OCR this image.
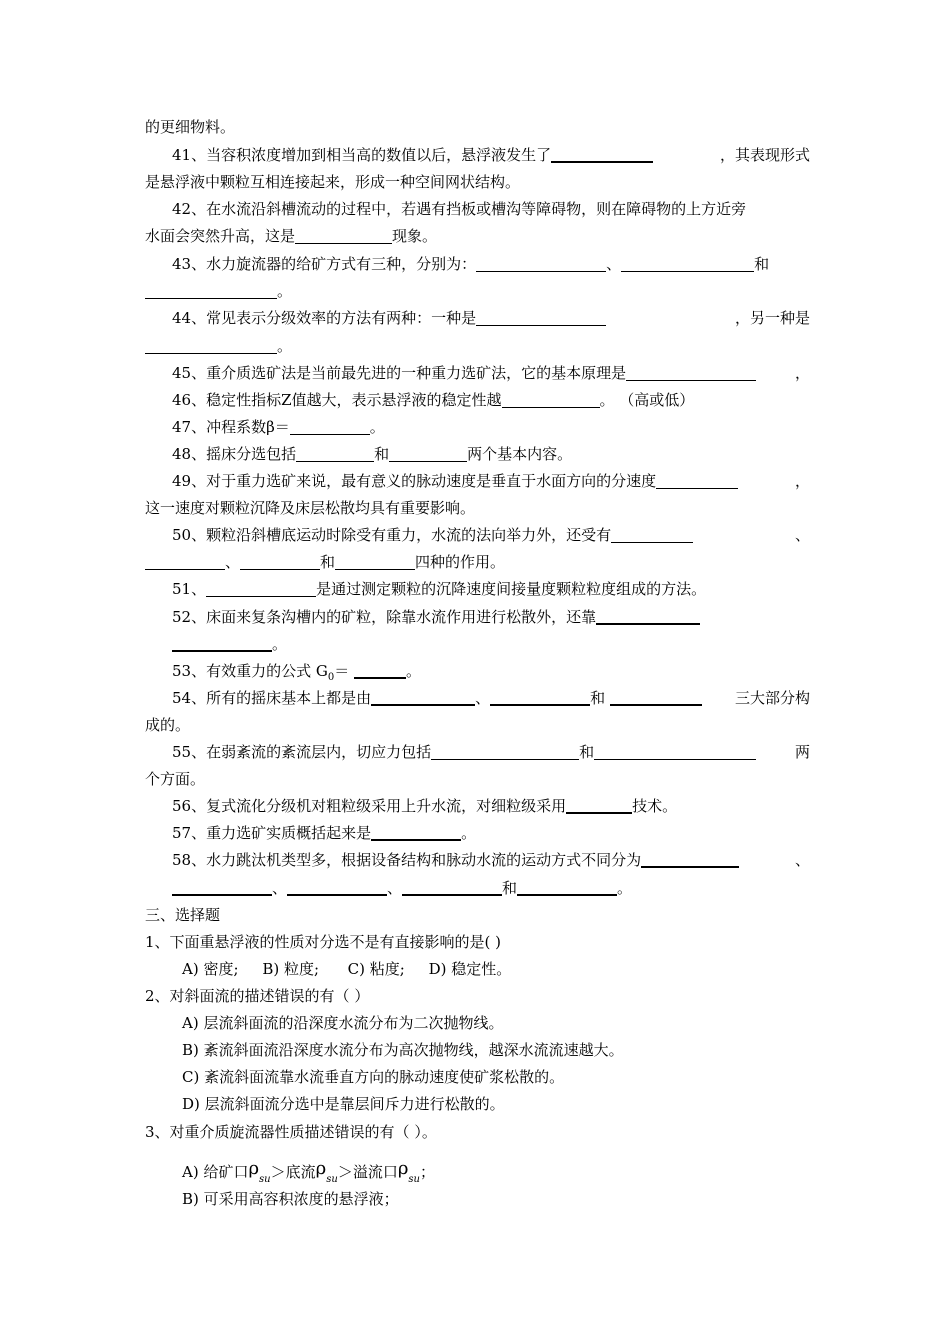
的更细物料。
41、当容积浓度增加到相当高的数值以后，悬浮液发生了	，其表现形式
是悬浮液中颗粒互相连接起来，形成一种空间网状结构。
42、在水流沿斜槽流动的过程中，若遇有挡板或槽沟等障碍物，则在障碍物的上方近旁
水面会突然升高，这是	现象。
43、水力旋流器的给矿方式有三种，分别为：	、	和
。
44、常见表示分级效率的方法有两种：一种是	，另一种是
。
45、重介质选矿法是当前最先进的一种重力选矿法，它的基本原理是	，
46、稳定性指标Z值越大，表示悬浮液的稳定性越	。 （高或低）
47、冲程系数β＝	。
48、摇床分选包括	和	两个基本内容。
49、对于重力选矿来说，最有意义的脉动速度是垂直于水面方向的分速度	，
这一速度对颗粒沉降及床层松散均具有重要影响。
50、颗粒沿斜槽底运动时除受有重力，水流的法向举力外，还受有	、
、	和	四种的作用。
51、	是通过测定颗粒的沉降速度间接量度颗粒粒度组成的方法。
52、床面来复条沟槽内的矿粒，除靠水流作用进行松散外，还靠
。
53、有效重力的公式 $G_0=$	。
54、所有的摇床基本上都是由	、	和	三大部分构
成的。
55、在弱紊流的紊流层内，切应力包括	和	两
个方面。
56、复式流化分级机对粗粒级采用上升水流，对细粒级采用	技术。
57、重力选矿实质概括起来是	。
58、水力跳汰机类型多，根据设备结构和脉动水流的运动方式不同分为	、
、	、	和	。
三、选择题
1、下面重悬浮液的性质对分选不是有直接影响的是( )
A) 密度;     B) 粒度;      C) 粘度;     D) 稳定性。
2、对斜面流的描述错误的有（ ）
A) 层流斜面流的沿深度水流分布为二次抛物线。
B) 紊流斜面流沿深度水流分布为高次抛物线，越深水流流速越大。
C) 紊流斜面流靠水流垂直方向的脉动速度使矿浆松散的。
D) 层流斜面流分选中是靠层间斥力进行松散的。
3、对重介质旋流器性质描述错误的有（ ）。
A) 给矿口$\rho_{su}>$底流$\rho_{su}>$溢流口$\rho_{su}$；
B) 可采用高容积浓度的悬浮液；
